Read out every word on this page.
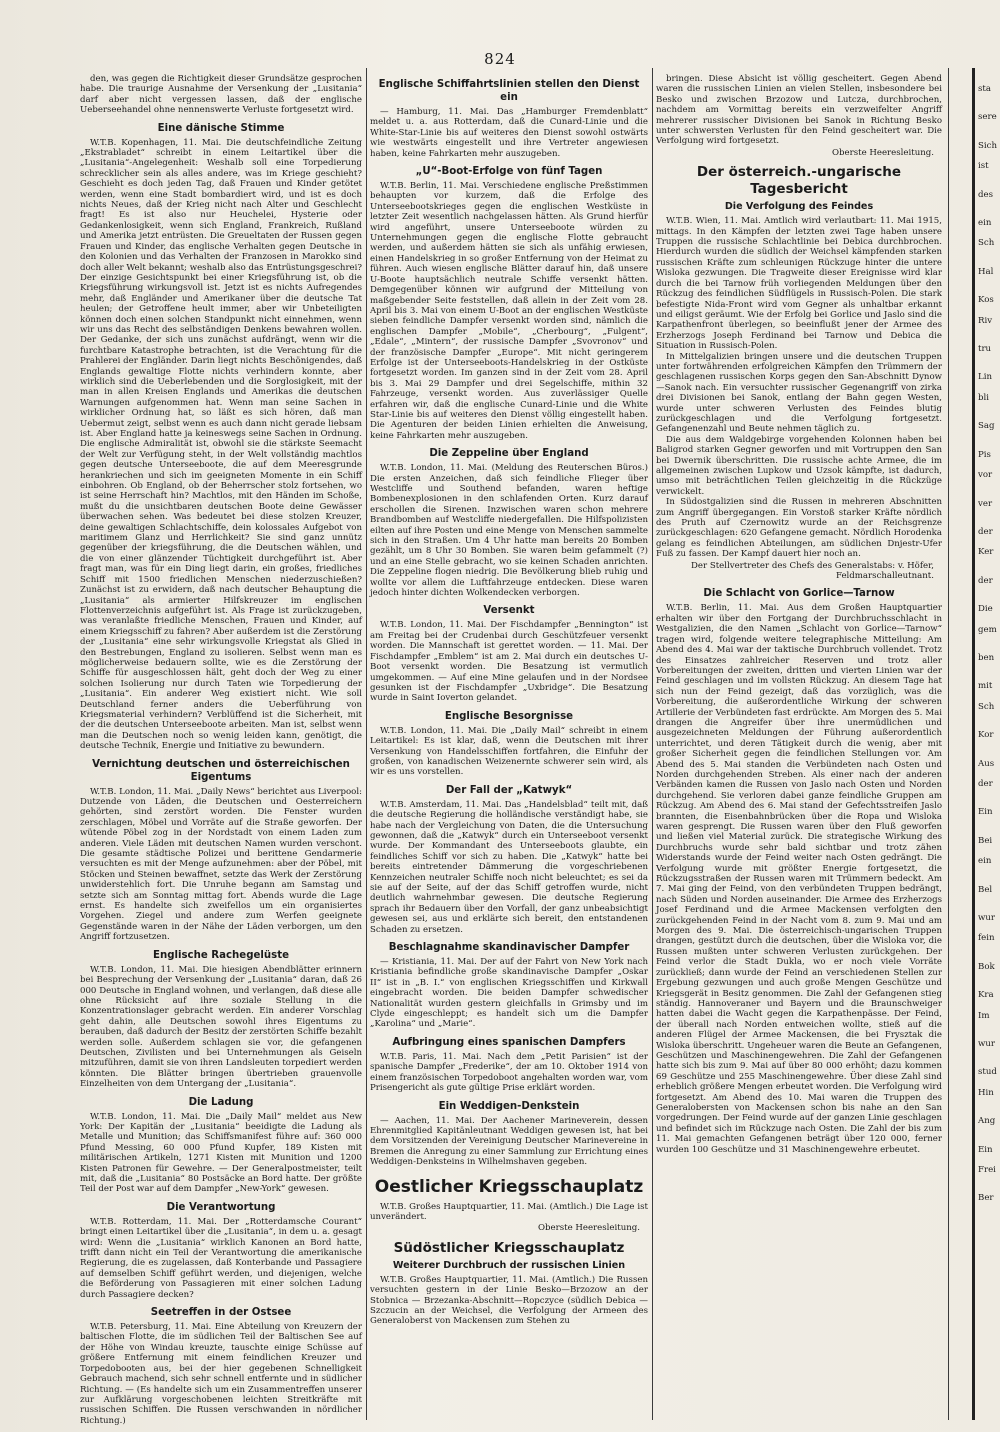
824

den, was gegen die Richtigkeit dieser Grundsätze gesprochen habe. Die traurige Ausnahme der Versenkung der „Lusitania“ darf aber nicht vergessen lassen, daß der englische Ueberseehandel ohne nennenswerte Verluste fortgesetzt wird.

Eine dänische Stimme

W.T.B. Kopenhagen, 11. Mai. Die deutschfeindliche Zeitung „Ekstrabladet“ schreibt in einem Leitartikel über die „Lusitania“-Angelegenheit: Weshalb soll eine Torpedierung schrecklicher sein als alles andere, was im Kriege geschieht? Geschieht es doch jeden Tag, daß Frauen und Kinder getötet werden, wenn eine Stadt bombardiert wird, und ist es doch nichts Neues, daß der Krieg nicht nach Alter und Geschlecht fragt! Es ist also nur Heuchelei, Hysterie oder Gedankenlosigkeit, wenn sich England, Frankreich, Rußland und Amerika jetzt entrüsten. Die Greueltaten der Russen gegen Frauen und Kinder, das englische Verhalten gegen Deutsche in den Kolonien und das Verhalten der Franzosen in Marokko sind doch aller Welt bekannt; weshalb also das Entrüstungsgeschrei? Der einzige Gesichtspunkt bei einer Kriegsführung ist, ob die Kriegsführung wirkungsvoll ist. Jetzt ist es nichts Aufregendes mehr, daß Engländer und Amerikaner über die deutsche Tat heulen; der Getroffene heult immer, aber wir Unbeteiligten können doch einen solchen Standpunkt nicht einnehmen, wenn wir uns das Recht des selbständigen Denkens bewahren wollen. Der Gedanke, der sich uns zunächst aufdrängt, wenn wir die furchtbare Katastrophe betrachten, ist die Verachtung für die Prahlerei der Engländer. Darin liegt nichts Beschönigendes, daß Englands gewaltige Flotte nichts verhindern konnte, aber wirklich sind die Ueberlebenden und die Sorglosigkeit, mit der man in allen Kreisen Englands und Amerikas die deutschen Warnungen aufgenommen hat. Wenn man seine Sachen in wirklicher Ordnung hat, so läßt es sich hören, daß man Uebermut zeigt, selbst wenn es auch dann nicht gerade liebsam ist. Aber England hatte ja keineswegs seine Sachen in Ordnung. Die englische Admiralität ist, obwohl sie die stärkste Seemacht der Welt zur Verfügung steht, in der Welt vollständig machtlos gegen deutsche Unterseeboote, die auf dem Meeresgrunde herankriechen und sich im geeigneten Momente in ein Schiff einbohren. Ob England, ob der Beherrscher stolz fortsehen, wo ist seine Herrschaft hin? Machtlos, mit den Händen im Schoße, mußt du die unsichtbaren deutschen Boote deine Gewässer überwachen sehen. Was bedeutet bei diese stolzen Kreuzer, deine gewaltigen Schlachtschiffe, dein kolossales Aufgebot von maritimem Glanz und Herrlichkeit? Sie sind ganz unnütz gegenüber der kriegsführung, die die Deutschen wählen, und die von einer glänzender Tüchtigkeit durchgeführt ist. Aber fragt man, was für ein Ding liegt darin, ein großes, friedliches Schiff mit 1500 friedlichen Menschen niederzuschießen? Zunächst ist zu erwidern, daß nach deutscher Behauptung die „Lusitania“ als armierter Hilfskreuzer im englischen Flottenverzeichnis aufgeführt ist. Als Frage ist zurückzugeben, was veranlaßte friedliche Menschen, Frauen und Kinder, auf einem Kriegsschiff zu fahren? Aber außerdem ist die Zerstörung der „Lusitania“ eine sehr wirkungsvolle Kriegstat als Glied in den Bestrebungen, England zu isolieren. Selbst wenn man es möglicherweise bedauern sollte, wie es die Zerstörung der Schiffe für ausgeschlossen hält, geht doch der Weg zu einer solchen Isolierung nur durch Taten wie Torpedierung der „Lusitania“. Ein anderer Weg existiert nicht. Wie soll Deutschland ferner anders die Ueberführung von Kriegsmaterial verhindern? Verblüffend ist die Sicherheit, mit der die deutschen Unterseeboote arbeiten. Man ist, selbst wenn man die Deutschen noch so wenig leiden kann, genötigt, die deutsche Technik, Energie und Initiative zu bewundern.

Vernichtung deutschen und österreichischen Eigentums

W.T.B. London, 11. Mai. „Daily News“ berichtet aus Liverpool: Dutzende von Läden, die Deutschen und Oesterreichern gehörten, sind zerstört worden. Die Fenster wurden zerschlagen, Möbel und Vorräte auf die Straße geworfen. Der wütende Pöbel zog in der Nordstadt von einem Laden zum anderen. Viele Läden mit deutschen Namen wurden verschont. Die gesamte städtische Polizei und berittene Gendarmerie versuchten es mit der Menge aufzunehmen: aber der Pöbel, mit Stöcken und Steinen bewaffnet, setzte das Werk der Zerstörung unwiderstehlich fort. Die Unruhe begann am Samstag und setzte sich am Sonntag mittag fort. Abends wurde die Lage ernst. Es handelte sich zweifellos um ein organisiertes Vorgehen. Ziegel und andere zum Werfen geeignete Gegenstände waren in der Nähe der Läden verborgen, um den Angriff fortzusetzen.

Englische Rachegelüste

W.T.B. London, 11. Mai. Die hiesigen Abendblätter erinnern bei Besprechung der Versenkung der „Lusitania“ daran, daß 26 000 Deutsche in England wohnen, und verlangen, daß diese alle ohne Rücksicht auf ihre soziale Stellung in die Konzentrationslager gebracht werden. Ein anderer Vorschlag geht dahin, alle Deutschen sowohl ihres Eigentums zu berauben, daß dadurch der Besitz der zerstörten Schiffe bezahlt werden solle. Außerdem schlagen sie vor, die gefangenen Deutschen, Zivilisten und bei Unternehmungen als Geiseln mitzuführen, damit sie von ihren Landsleuten torpediert werden könnten. Die Blätter bringen übertrieben grauenvolle Einzelheiten von dem Untergang der „Lusitania“.

Die Ladung

W.T.B. London, 11. Mai. Die „Daily Mail“ meldet aus New York: Der Kapitän der „Lusitania“ beeidigte die Ladung als Metalle und Munition; das Schiffsmanifest führe auf: 360 000 Pfund Messing, 60 000 Pfund Kupfer, 189 Kisten mit militärischen Artikeln, 1271 Kisten mit Munition und 1200 Kisten Patronen für Gewehre. — Der Generalpostmeister, teilt mit, daß die „Lusitania“ 80 Postsäcke an Bord hatte. Der größte Teil der Post war auf dem Dampfer „New-York“ gewesen.

Die Verantwortung

W.T.B. Rotterdam, 11. Mai. Der „Rotterdamsche Courant“ bringt einen Leitartikel über die „Lusitania“, in dem u. a. gesagt wird: Wenn die „Lusitania“ wirklich Kanonen an Bord hatte, trifft dann nicht ein Teil der Verantwortung die amerikanische Regierung, die es zugelassen, daß Konterbande und Passagiere auf demselben Schiff geführt werden, und diejenigen, welche die Beförderung von Passagieren mit einer solchen Ladung durch Passagiere decken?

Seetreffen in der Ostsee

W.T.B. Petersburg, 11. Mai. Eine Abteilung von Kreuzern der baltischen Flotte, die im südlichen Teil der Baltischen See auf der Höhe von Windau kreuzte, tauschte einige Schüsse auf größere Entfernung mit einem feindlichen Kreuzer und Torpedobooten aus, bei der hier gegebenen Schnelligkeit Gebrauch machend, sich sehr schnell entfernte und in südlicher Richtung. — (Es handelte sich um ein Zusammentreffen unserer zur Aufklärung vorgeschobenen leichten Streitkräfte mit russischen Schiffen. Die Russen verschwanden in nördlicher Richtung.)

Englische Schiffahrtslinien stellen den Dienst ein

— Hamburg, 11. Mai. Das „Hamburger Fremdenblatt“ meldet u. a. aus Rotterdam, daß die Cunard-Linie und die White-Star-Linie bis auf weiteres den Dienst sowohl ostwärts wie westwärts eingestellt und ihre Vertreter angewiesen haben, keine Fahrkarten mehr auszugeben.

„U“-Boot-Erfolge von fünf Tagen

W.T.B. Berlin, 11. Mai. Verschiedene englische Preßstimmen behaupten vor kurzem, daß die Erfolge des Unterseebootskrieges gegen die englischen Westküste in letzter Zeit wesentlich nachgelassen hätten. Als Grund hierfür wird angeführt, unsere Unterseeboote würden zu Unternehmungen gegen die englische Flotte gebraucht werden, und außerdem hätten sie sich als unfähig erwiesen, einen Handelskrieg in so großer Entfernung von der Heimat zu führen. Auch wiesen englische Blätter darauf hin, daß unsere U-Boote hauptsächlich neutrale Schiffe versenkt hätten. Demgegenüber können wir aufgrund der Mitteilung von maßgebender Seite feststellen, daß allein in der Zeit vom 28. April bis 3. Mai von einem U-Boot an der englischen Westküste sieben feindliche Dampfer versenkt worden sind, nämlich die englischen Dampfer „Mobile“, „Cherbourg“, „Fulgent“, „Edale“, „Mintern“, der russische Dampfer „Svovronov“ und der französische Dampfer „Europe“. Mit nicht geringerem Erfolge ist der Unterseeboots-Handelskrieg in der Ostküste fortgesetzt worden. Im ganzen sind in der Zeit vom 28. April bis 3. Mai 29 Dampfer und drei Segelschiffe, mithin 32 Fahrzeuge, versenkt worden. Aus zuverlässiger Quelle erfahren wir, daß die englische Cunard-Linie und die White Star-Linie bis auf weiteres den Dienst völlig eingestellt haben. Die Agenturen der beiden Linien erhielten die Anweisung, keine Fahrkarten mehr auszugeben.

Die Zeppeline über England

W.T.B. London, 11. Mai. (Meldung des Reuterschen Büros.) Die ersten Anzeichen, daß sich feindliche Flieger über Westcliffe und Southend befanden, waren heftige Bombenexplosionen in den schlafenden Orten. Kurz darauf erschollen die Sirenen. Inzwischen waren schon mehrere Brandbomben auf Westcliffe niedergefallen. Die Hilfspolizisten eilten auf ihre Posten und eine Menge von Menschen sammelte sich in den Straßen. Um 4 Uhr hatte man bereits 20 Bomben gezählt, um 8 Uhr 30 Bomben. Sie waren beim gefammelt (?) und an eine Stelle gebracht, wo sie keinen Schaden anrichten. Die Zeppeline flogen niedrig. Die Bevölkerung blieb ruhig und wollte vor allem die Luftfahrzeuge entdecken. Diese waren jedoch hinter dichten Wolkendecken verborgen.

Versenkt

W.T.B. London, 11. Mai. Der Fischdampfer „Bennington“ ist am Freitag bei der Crudenbai durch Geschützfeuer versenkt worden. Die Mannschaft ist gerettet worden. — 11. Mai. Der Fischdampfer „Emblem“ ist am 2. Mai durch ein deutsches U-Boot versenkt worden. Die Besatzung ist vermutlich umgekommen. — Auf eine Mine gelaufen und in der Nordsee gesunken ist der Fischdampfer „Uxbridge“. Die Besatzung wurde in Saint Ioverton gelandet.

Englische Besorgnisse

W.T.B. London, 11. Mai. Die „Daily Mail“ schreibt in einem Leitartikel: Es ist klar, daß, wenn die Deutschen mit ihrer Versenkung von Handelsschiffen fortfahren, die Einfuhr der großen, von kanadischen Weizenernte schwerer sein wird, als wir es uns vorstellen.

Der Fall der „Katwyk“

W.T.B. Amsterdam, 11. Mai. Das „Handelsblad“ teilt mit, daß die deutsche Regierung die holländische verständigt habe, sie habe nach der Vergleichung von Daten, die die Untersuchung gewonnen, daß die „Katwyk“ durch ein Unterseeboot versenkt wurde. Der Kommandant des Unterseeboots glaubte, ein feindliches Schiff vor sich zu haben. Die „Katwyk“ hatte bei bereits eintretender Dämmerung die vorgeschriebenen Kennzeichen neutraler Schiffe noch nicht beleuchtet; es sei da sie auf der Seite, auf der das Schiff getroffen wurde, nicht deutlich wahrnehmbar gewesen. Die deutsche Regierung sprach ihr Bedauern über den Vorfall, der ganz unbeabsichtigt gewesen sei, aus und erklärte sich bereit, den entstandenen Schaden zu ersetzen.

Beschlagnahme skandinavischer Dampfer

— Kristiania, 11. Mai. Der auf der Fahrt von New York nach Kristiania befindliche große skandinavische Dampfer „Oskar II“ ist in „B. I.“ von englischen Kriegsschiffen und Kirkwall eingebracht worden. Die beiden Dampfer schwedischer Nationalität wurden gestern gleichfalls in Grimsby und im Clyde eingeschleppt; es handelt sich um die Dampfer „Karolina“ und „Marie“.

Aufbringung eines spanischen Dampfers

W.T.B. Paris, 11. Mai. Nach dem „Petit Parisien“ ist der spanische Dampfer „Frederike“, der am 10. Oktober 1914 von einem französischen Torpedoboot angehalten worden war, vom Prisengericht als gute gültige Prise erklärt worden.

Ein Weddigen-Denkstein

— Aachen, 11. Mai. Der Aachener Marineverein, dessen Ehrenmitglied Kapitänleutnant Weddigen gewesen ist, hat bei dem Vorsitzenden der Vereinigung Deutscher Marinevereine in Bremen die Anregung zu einer Sammlung zur Errichtung eines Weddigen-Denksteins in Wilhelmshaven gegeben.

Oestlicher Kriegsschauplatz

W.T.B. Großes Hauptquartier, 11. Mai. (Amtlich.) Die Lage ist unverändert.

Oberste Heeresleitung.
Südöstlicher Kriegsschauplatz
Weiterer Durchbruch der russischen Linien

W.T.B. Großes Hauptquartier, 11. Mai. (Amtlich.) Die Russen versuchten gestern in der Linie Besko—Brzozow an der Stobnica — Brzezanka-Abschnitt—Ropczyce (südlich Debica — Szczucin an der Weichsel, die Verfolgung der Armeen des Generaloberst von Mackensen zum Stehen zu

bringen. Diese Absicht ist völlig gescheitert. Gegen Abend waren die russischen Linien an vielen Stellen, insbesondere bei Besko und zwischen Brzozow und Lutcza, durchbrochen, nachdem am Vormittag bereits ein verzweifelter Angriff mehrerer russischer Divisionen bei Sanok in Richtung Besko unter schwersten Verlusten für den Feind gescheitert war. Die Verfolgung wird fortgesetzt.

Oberste Heeresleitung.
Der österreich.-ungarische Tagesbericht
Die Verfolgung des Feindes

W.T.B. Wien, 11. Mai. Amtlich wird verlautbart: 11. Mai 1915, mittags. In den Kämpfen der letzten zwei Tage haben unsere Truppen die russische Schlachtlinie bei Debica durchbrochen. Hierdurch wurden die südlich der Weichsel kämpfenden starken russischen Kräfte zum schleunigen Rückzuge hinter die untere Wisloka gezwungen. Die Tragweite dieser Ereignisse wird klar durch die bei Tarnow früh vorliegenden Meldungen über den Rückzug des feindlichen Südflügels in Russisch-Polen. Die stark befestigte Nida-Front wird vom Gegner als unhaltbar erkannt und eiligst geräumt. Wie der Erfolg bei Gorlice und Jaslo sind die Karpathenfront überlegen, so beeinflußt jener der Armee des Erzherzogs Joseph Ferdinand bei Tarnow und Debica die Situation in Russisch-Polen.

In Mittelgalizien bringen unsere und die deutschen Truppen unter fortwährenden erfolgreichen Kämpfen den Trümmern der geschlagenen russischen Korps gegen den San-Abschnitt Dynow—Sanok nach. Ein versuchter russischer Gegenangriff von zirka drei Divisionen bei Sanok, entlang der Bahn gegen Westen, wurde unter schweren Verlusten des Feindes blutig zurückgeschlagen und die Verfolgung fortgesetzt. Gefangenenzahl und Beute nehmen täglich zu.

Die aus dem Waldgebirge vorgehenden Kolonnen haben bei Baligrod starken Gegner geworfen und mit Vortruppen den San bei Dwernik überschritten. Die russische achte Armee, die im allgemeinen zwischen Lupkow und Uzsok kämpfte, ist dadurch, umso mit beträchtlichen Teilen gleichzeitig in die Rückzüge verwickelt.

In Südostgalizien sind die Russen in mehreren Abschnitten zum Angriff übergegangen. Ein Vorstoß starker Kräfte nördlich des Pruth auf Czernowitz wurde an der Reichsgrenze zurückgeschlagen: 620 Gefangene gemacht. Nördlich Horodenka gelang es feindlichen Abteilungen, am südlichen Dnjestr-Ufer Fuß zu fassen. Der Kampf dauert hier noch an.

Der Stellvertreter des Chefs des Generalstabs: v. Höfer, Feldmarschalleutnant.
Die Schlacht von Gorlice—Tarnow

W.T.B. Berlin, 11. Mai. Aus dem Großen Hauptquartier erhalten wir über den Fortgang der Durchbruchsschlacht in Westgalizien, die den Namen „Schlacht von Gorlice—Tarnow“ tragen wird, folgende weitere telegraphische Mitteilung: Am Abend des 4. Mai war der taktische Durchbruch vollendet. Trotz des Einsatzes zahlreicher Reserven und trotz aller Vorbereitungen der zweiten, dritten und vierten Linien war der Feind geschlagen und im vollsten Rückzug. An diesem Tage hat sich nun der Feind gezeigt, daß das vorzüglich, was die Vorbereitung, die außerordentliche Wirkung der schweren Artillerie der Verbündeten fast erdrückte. Am Morgen des 5. Mai drangen die Angreifer über ihre unermüdlichen und ausgezeichneten Meldungen der Führung außerordentlich unterrichtet, und deren Tätigkeit durch die wenig, aber mit großer Sicherheit gegen die feindlichen Stellungen vor. Am Abend des 5. Mai standen die Verbündeten nach Osten und Norden durchgehenden Streben. Als einer nach der anderen Verbänden kamen die Russen von Jaslo nach Osten und Norden durchgehend. Sie verloren dabei ganze feindliche Gruppen am Rückzug. Am Abend des 6. Mai stand der Gefechtsstreifen Jaslo brannten, die Eisenbahnbrücken über die Ropa und Wisloka waren gesprengt. Die Russen waren über den Fluß geworfen und ließen viel Material zurück. Die strategische Wirkung des Durchbruchs wurde sehr bald sichtbar und trotz zähen Widerstands wurde der Feind weiter nach Osten gedrängt. Die Verfolgung wurde mit größter Energie fortgesetzt, die Rückzugsstraßen der Russen waren mit Trümmern bedeckt. Am 7. Mai ging der Feind, von den verbündeten Truppen bedrängt, nach Süden und Norden auseinander. Die Armee des Erzherzogs Josef Ferdinand und die Armee Mackensen verfolgten den zurückgehenden Feind in der Nacht vom 8. zum 9. Mai und am Morgen des 9. Mai. Die österreichisch-ungarischen Truppen drangen, gestützt durch die deutschen, über die Wisloka vor, die Russen mußten unter schweren Verlusten zurückgehen. Der Feind verlor die Stadt Dukla, wo er noch viele Vorräte zurückließ; dann wurde der Feind an verschiedenen Stellen zur Ergebung gezwungen und auch große Mengen Geschütze und Kriegsgerät in Besitz genommen. Die Zahl der Gefangenen stieg ständig. Hannoveraner und Bayern und die Braunschweiger hatten dabei die Wacht gegen die Karpathenpässe. Der Feind, der überall nach Norden entweichen wollte, stieß auf die anderen Flügel der Armee Mackensen, die bei Frysztak die Wisloka überschritt. Ungeheuer waren die Beute an Gefangenen, Geschützen und Maschinengewehren. Die Zahl der Gefangenen hatte sich bis zum 9. Mai auf über 80 000 erhöht; dazu kommen 69 Geschütze und 255 Maschinengewehre. Über diese Zahl sind erheblich größere Mengen erbeutet worden. Die Verfolgung wird fortgesetzt. Am Abend des 10. Mai waren die Truppen des Generalobersten von Mackensen schon bis nahe an den San vorgedrungen. Der Feind wurde auf der ganzen Linie geschlagen und befindet sich im Rückzuge nach Osten. Die Zahl der bis zum 11. Mai gemachten Gefangenen beträgt über 120 000, ferner wurden 100 Geschütze und 31 Maschinengewehre erbeutet.

sta
sere
Sich
ist
des
ein
Sch
Hal
Kos
Riv
tru
Lin
bli
Sag
Pis
vor
ver
der
Ker
der
Die
gem
ben
mit
Sch
Kor
Aus
der
Ein
Bei
ein
Bel
wur
fein
Bok
Kra
Im
wur
stud
Hin
Ang
Ein
Frei
Ber
